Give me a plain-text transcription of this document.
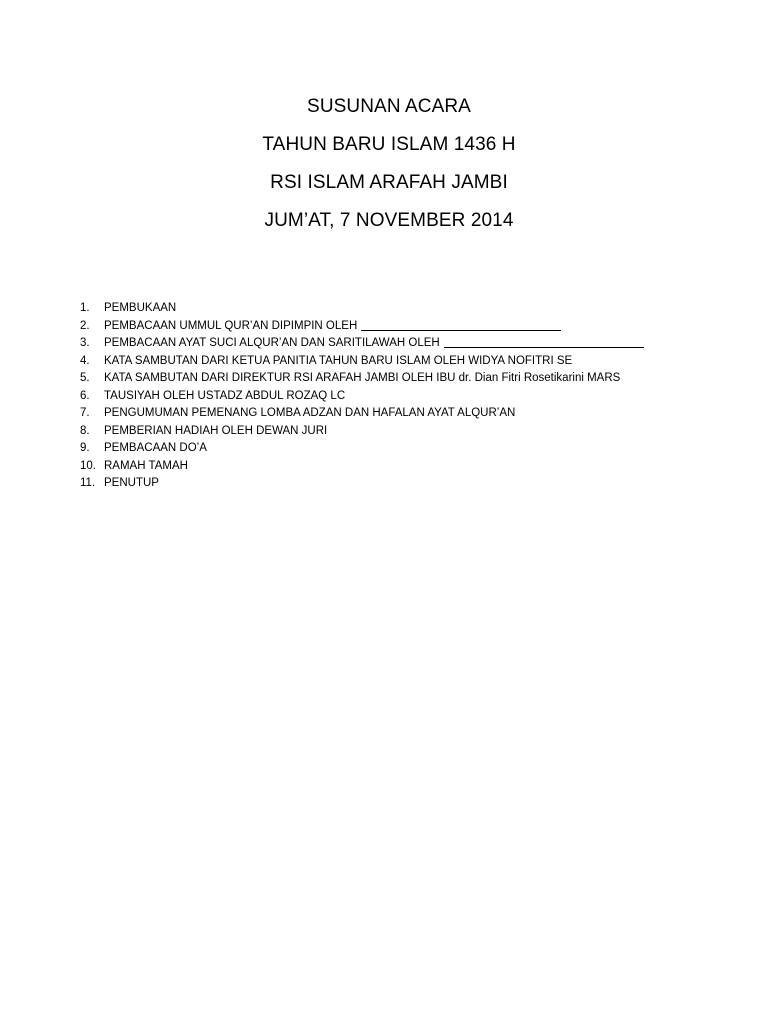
SUSUNAN ACARA
TAHUN BARU ISLAM 1436 H
RSI ISLAM ARAFAH JAMBI
JUM’AT, 7 NOVEMBER 2014
1.	PEMBUKAAN
2.	PEMBACAAN UMMUL QUR’AN DIPIMPIN OLEH
3.	PEMBACAAN AYAT SUCI ALQUR’AN DAN SARITILAWAH OLEH
4.	KATA SAMBUTAN DARI KETUA PANITIA TAHUN BARU ISLAM OLEH WIDYA NOFITRI SE
5.	KATA SAMBUTAN DARI DIREKTUR RSI ARAFAH JAMBI OLEH IBU dr. Dian Fitri Rosetikarini MARS
6.	TAUSIYAH OLEH USTADZ ABDUL ROZAQ LC
7.	PENGUMUMAN PEMENANG LOMBA ADZAN DAN HAFALAN AYAT ALQUR’AN
8.	PEMBERIAN HADIAH OLEH DEWAN JURI
9.	PEMBACAAN DO’A
10. RAMAH TAMAH
11. PENUTUP
